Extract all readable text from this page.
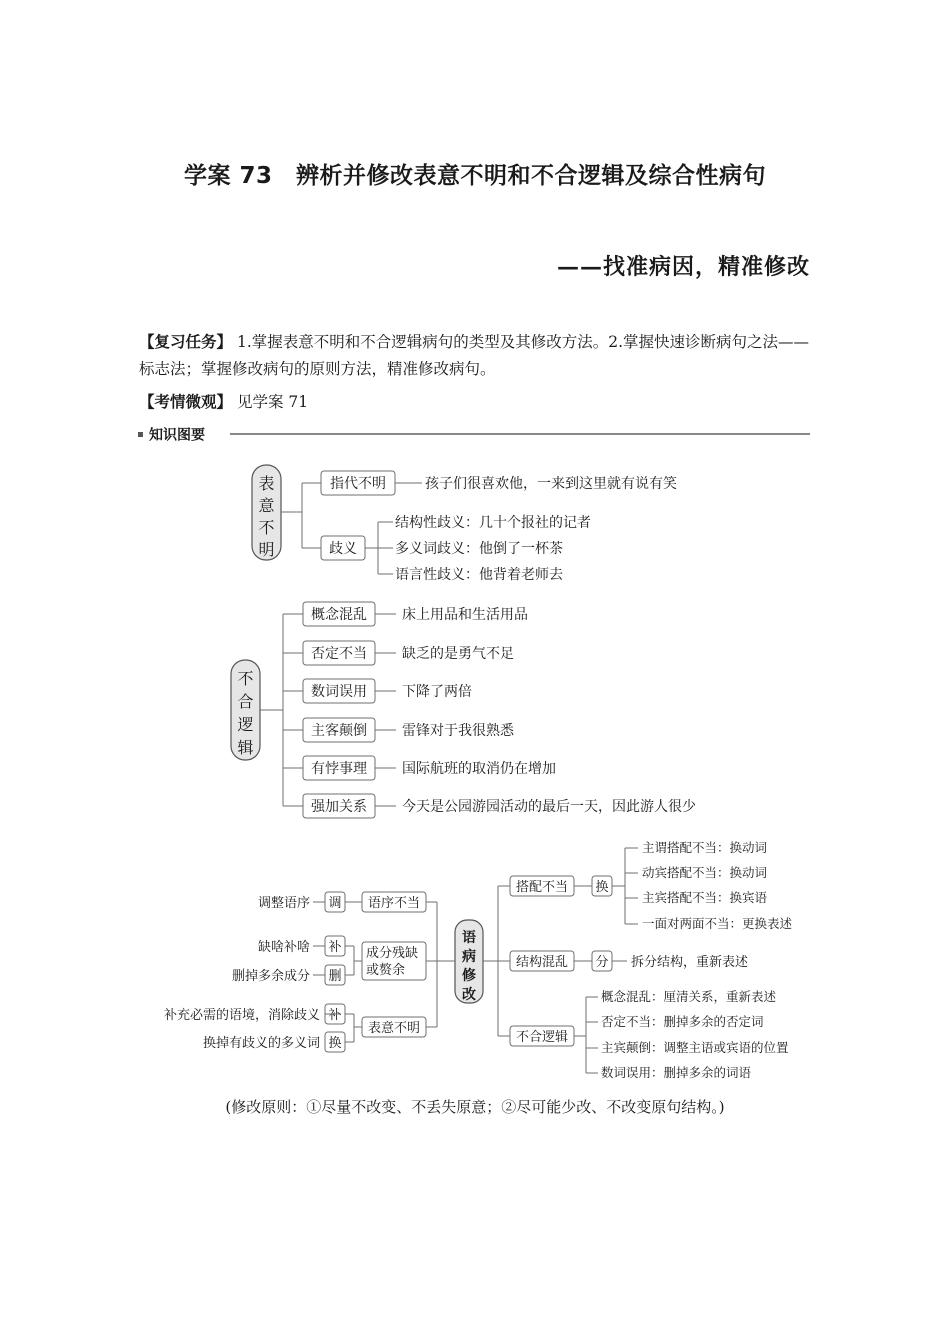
学案 73　辨析并修改表意不明和不合逻辑及综合性病句
——找准病因，精准修改
【复习任务】 1.掌握表意不明和不合逻辑病句的类型及其修改方法。2.掌握快速诊断病句之法——标志法；掌握修改病句的原则方法，精准修改病句。
【考情微观】 见学案 71
知识图要
表
意
不
明
指代不明	孩子们很喜欢他，一来到这里就有说有笑
歧义
结构性歧义：几十个报社的记者
多义词歧义：他倒了一杯茶
语言性歧义：他背着老师去
不
合
逻
辑
概念混乱	床上用品和生活用品
否定不当	缺乏的是勇气不足
数词误用	下降了两倍
主客颠倒	雷锋对于我很熟悉
有悖事理	国际航班的取消仍在增加
强加关系	今天是公园游园活动的最后一天，因此游人很少
语
病
修
改
语序不当
成分残缺
或赘余
表意不明
调
调整语序
补
缺啥补啥
删
删掉多余成分
补
补充必需的语境，消除歧义
换
换掉有歧义的多义词
搭配不当 换
主谓搭配不当：换动词
动宾搭配不当：换动词
主宾搭配不当：换宾语
一面对两面不当：更换表述
结构混乱 分 拆分结构，重新表述
不合逻辑
概念混乱：厘清关系，重新表述
否定不当：删掉多余的否定词
主宾颠倒：调整主语或宾语的位置
数词误用：删掉多余的词语
(修改原则：①尽量不改变、不丢失原意；②尽可能少改、不改变原句结构。)
